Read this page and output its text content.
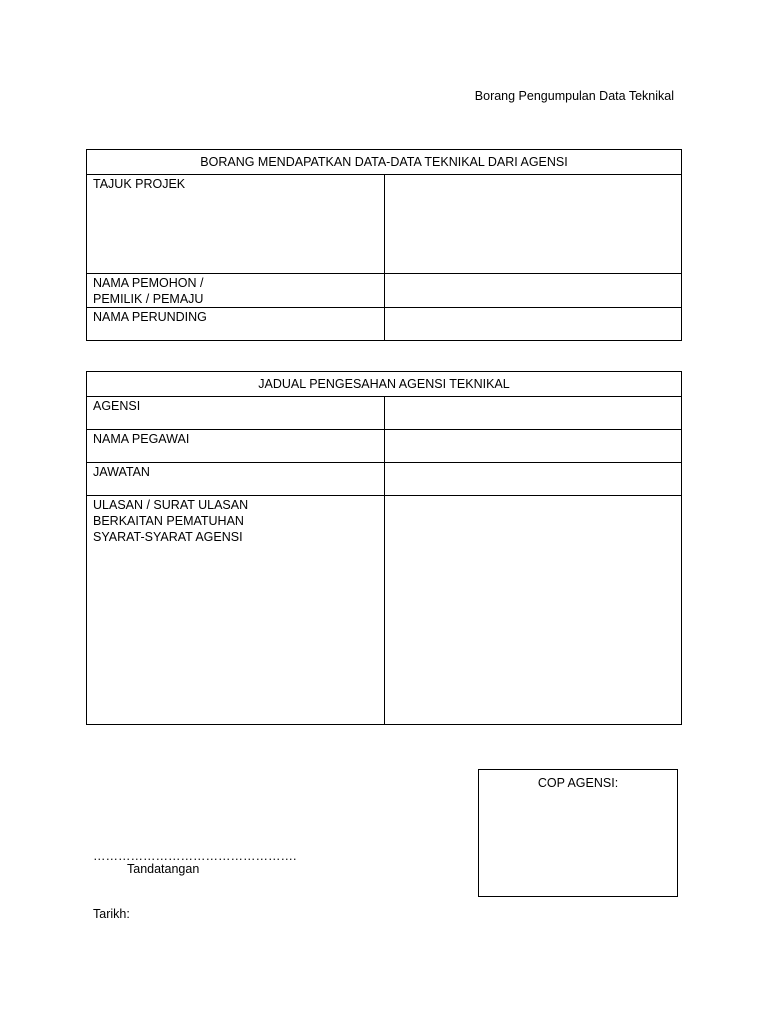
Borang Pengumpulan Data Teknikal
BORANG MENDAPATKAN DATA-DATA TEKNIKAL DARI AGENSI	
TAJUK PROJEK	

NAMA PEMOHON /
PEMILIK / PEMAJU	

NAMA PERUNDING	
JADUAL PENGESAHAN AGENSI TEKNIKAL	
AGENSI	
NAMA PEGAWAI	
JAWATAN	

ULASAN / SURAT ULASAN
BERKAITAN PEMATUHAN
SYARAT-SYARAT AGENSI	

COP AGENSI:
………………………………………….
Tandatangan
Tarikh:
